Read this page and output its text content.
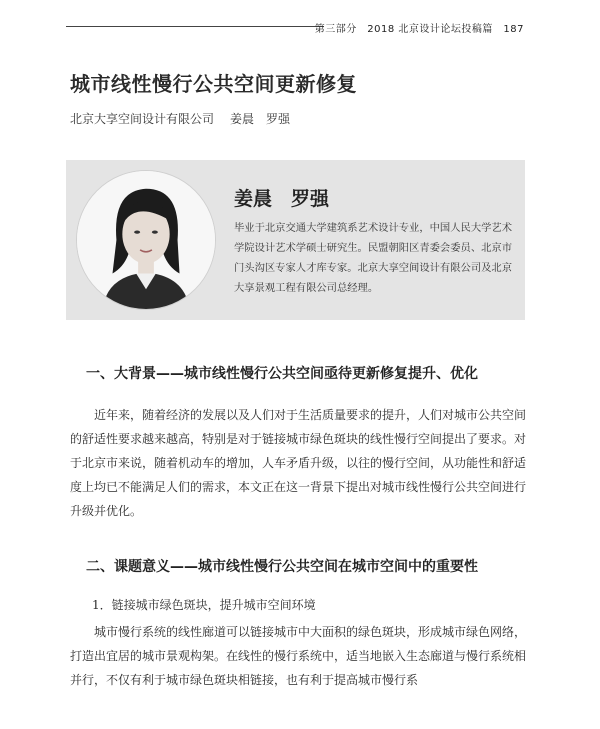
第三部分　2018 北京设计论坛投稿篇　187
城市线性慢行公共空间更新修复
北京大享空间设计有限公司 姜晨　罗强
姜晨　罗强
毕业于北京交通大学建筑系艺术设计专业，中国人民大学艺术学院设计艺术学硕士研究生。民盟朝阳区青委会委员、北京市门头沟区专家人才库专家。北京大享空间设计有限公司及北京大享景观工程有限公司总经理。
一、大背景——城市线性慢行公共空间亟待更新修复提升、优化
近年来，随着经济的发展以及人们对于生活质量要求的提升，人们对城市公共空间的舒适性要求越来越高，特别是对于链接城市绿色斑块的线性慢行空间提出了要求。对于北京市来说，随着机动车的增加，人车矛盾升级，以往的慢行空间，从功能性和舒适度上均已不能满足人们的需求，本文正在这一背景下提出对城市线性慢行公共空间进行升级并优化。
二、课题意义——城市线性慢行公共空间在城市空间中的重要性
1．链接城市绿色斑块，提升城市空间环境
城市慢行系统的线性廊道可以链接城市中大面积的绿色斑块，形成城市绿色网络，打造出宜居的城市景观构架。在线性的慢行系统中，适当地嵌入生态廊道与慢行系统相并行，不仅有利于城市绿色斑块相链接，也有利于提高城市慢行系
